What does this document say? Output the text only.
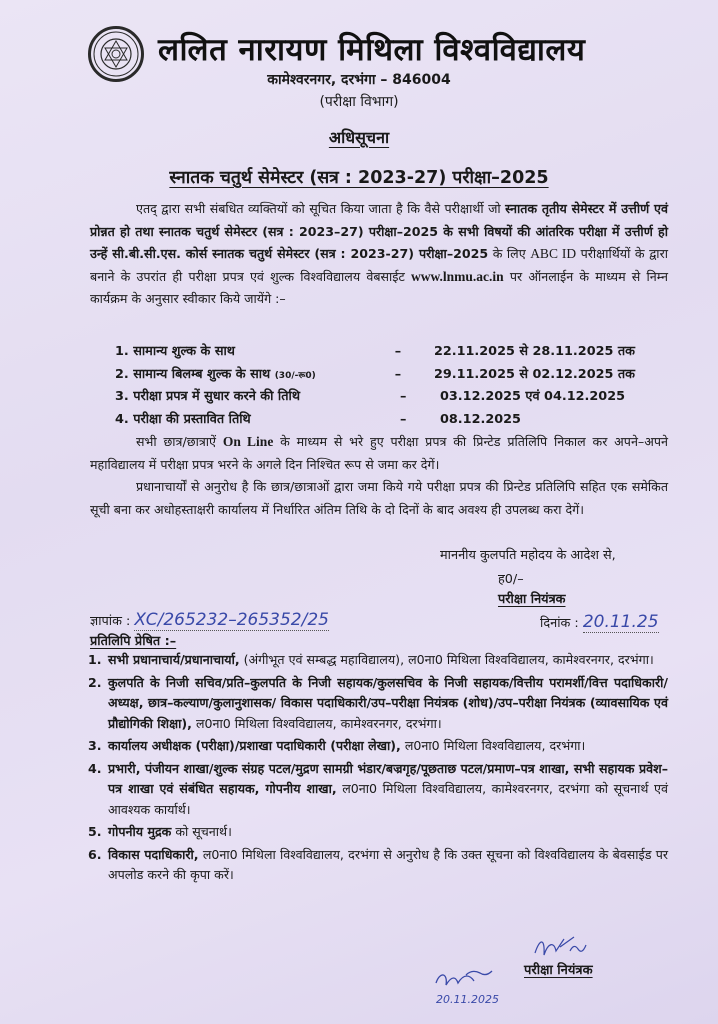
ललित नारायण मिथिला विश्वविद्यालय
कामेश्वरनगर, दरभंगा – 846004
(परीक्षा विभाग)
अधिसूचना
स्नातक चतुर्थ सेमेस्टर (सत्र : 2023-27) परीक्षा–2025
एतद् द्वारा सभी संबधित व्यक्तियों को सूचित किया जाता है कि वैसे परीक्षार्थी जो स्नातक तृतीय सेमेस्टर में उत्तीर्ण एवं प्रोन्नत हो तथा स्नातक चतुर्थ सेमेस्टर (सत्र : 2023–27) परीक्षा–2025 के सभी विषयों की आंतरिक परीक्षा में उत्तीर्ण हो उन्हें सी.बी.सी.एस. कोर्स स्नातक चतुर्थ सेमेस्टर (सत्र : 2023-27) परीक्षा–2025 के लिए ABC ID परीक्षार्थियों के द्वारा बनाने के उपरांत ही परीक्षा प्रपत्र एवं शुल्क विश्वविद्यालय वेबसाईट www.lnmu.ac.in पर ऑनलाईन के माध्यम से निम्न कार्यक्रम के अनुसार स्वीकार किये जायेंगे :–
1. सामान्य शुल्क के साथ	–	22.11.2025 से 28.11.2025 तक
2. सामान्य बिलम्ब शुल्क के साथ (30/-रू0)	–	29.11.2025 से 02.12.2025 तक
3. परीक्षा प्रपत्र में सुधार करने की तिथि	–	03.12.2025 एवं 04.12.2025
4. परीक्षा की प्रस्तावित तिथि	–	08.12.2025
सभी छात्र/छात्राऐं On Line के माध्यम से भरे हुए परीक्षा प्रपत्र की प्रिन्टेड प्रतिलिपि निकाल कर अपने–अपने महाविद्यालय में परीक्षा प्रपत्र भरने के अगले दिन निश्चित रूप से जमा कर देगें।
प्रधानाचार्यों से अनुरोध है कि छात्र/छात्राओं द्वारा जमा किये गये परीक्षा प्रपत्र की प्रिन्टेड प्रतिलिपि सहित एक समेकित सूची बना कर अधोहस्ताक्षरी कार्यालय में निर्धारित अंतिम तिथि के दो दिनों के बाद अवश्य ही उपलब्ध करा देगें।
माननीय कुलपति महोदय के आदेश से,
ह0/–
परीक्षा नियंत्रक
ज्ञापांक : XC/265232–265352/25	दिनांक : 20.11.25
प्रतिलिपि प्रेषित :–
1. सभी प्रधानाचार्य/प्रधानाचार्या, (अंगीभूत एवं सम्बद्ध महाविद्यालय), ल0ना0 मिथिला विश्वविद्यालय, कामेश्वरनगर, दरभंगा।
2. कुलपति के निजी सचिव/प्रति–कुलपति के निजी सहायक/कुलसचिव के निजी सहायक/वित्तीय परामर्शी/वित्त पदाधिकारी/अध्यक्ष, छात्र–कल्याण/कुलानुशासक/ विकास पदाधिकारी/उप–परीक्षा नियंत्रक (शोध)/उप–परीक्षा नियंत्रक (व्यावसायिक एवं प्रौद्योगिकी शिक्षा), ल0ना0 मिथिला विश्वविद्यालय, कामेश्वरनगर, दरभंगा।
3. कार्यालय अधीक्षक (परीक्षा)/प्रशाखा पदाधिकारी (परीक्षा लेखा), ल0ना0 मिथिला विश्वविद्यालय, दरभंगा।
4. प्रभारी, पंजीयन शाखा/शुल्क संग्रह पटल/मुद्रण सामग्री भंडार/बज्रगृह/पूछताछ पटल/प्रमाण–पत्र शाखा, सभी सहायक प्रवेश–पत्र शाखा एवं संबंधित सहायक, गोपनीय शाखा, ल0ना0 मिथिला विश्वविद्यालय, कामेश्वरनगर, दरभंगा को सूचनार्थ एवं आवश्यक कार्यार्थ।
5. गोपनीय मुद्रक को सूचनार्थ।
6. विकास पदाधिकारी, ल0ना0 मिथिला विश्वविद्यालय, दरभंगा से अनुरोध है कि उक्त सूचना को विश्वविद्यालय के बेवसाईड पर अपलोड करने की कृपा करें।
परीक्षा नियंत्रक
20.11.2025
